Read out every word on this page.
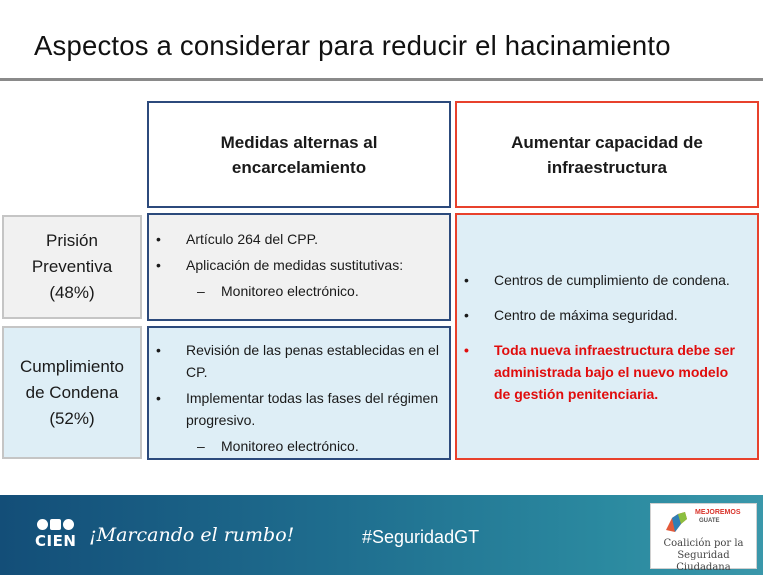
Aspectos a considerar para reducir el hacinamiento
Medidas alternas al
encarcelamiento
Aumentar capacidad de
infraestructura
Prisión
Preventiva
(48%)
Cumplimiento
de Condena
(52%)
• Artículo 264 del CPP.
• Aplicación de medidas sustitutivas:
– Monitoreo electrónico.
• Revisión de las penas establecidas en el CP.
• Implementar todas las fases del régimen progresivo.
– Monitoreo electrónico.
• Centros de cumplimiento de condena.
• Centro de máxima seguridad.
• Toda nueva infraestructura debe ser administrada bajo el nuevo modelo de gestión penitenciaria.
CIEN ¡Marcando el rumbo!	#SeguridadGT
MEJOREMOS
GUATE
Coalición por la
Seguridad Ciudadana
